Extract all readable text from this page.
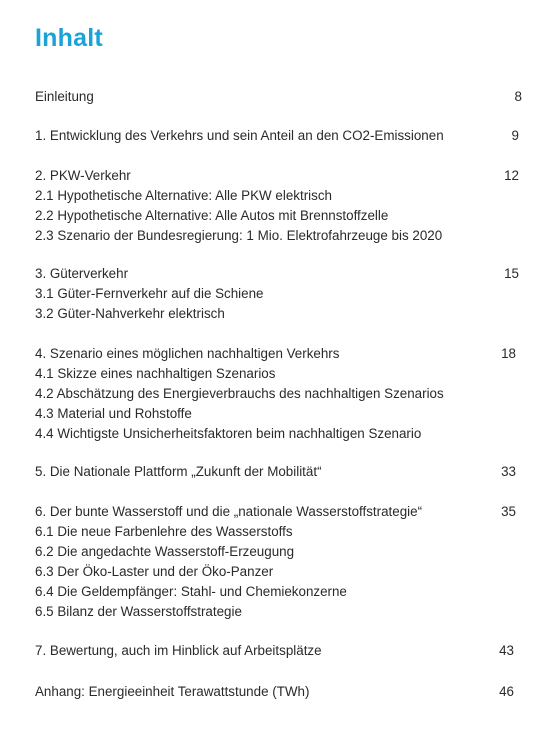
Inhalt
Einleitung	8
1. Entwicklung des Verkehrs und sein Anteil an den CO2-Emissionen	9
2. PKW-Verkehr	12
2.1 Hypothetische Alternative: Alle PKW elektrisch
2.2 Hypothetische Alternative: Alle Autos mit Brennstoffzelle
2.3 Szenario der Bundesregierung: 1 Mio. Elektrofahrzeuge bis 2020
3. Güterverkehr	15
3.1 Güter-Fernverkehr auf die Schiene
3.2 Güter-Nahverkehr elektrisch
4. Szenario eines möglichen nachhaltigen Verkehrs	18
4.1 Skizze eines nachhaltigen Szenarios
4.2 Abschätzung des Energieverbrauchs des nachhaltigen Szenarios
4.3 Material und Rohstoffe
4.4 Wichtigste Unsicherheitsfaktoren beim nachhaltigen Szenario
5. Die Nationale Plattform „Zukunft der Mobilität“	33
6. Der bunte Wasserstoff und die „nationale Wasserstoffstrategie“	35
6.1 Die neue Farbenlehre des Wasserstoffs
6.2 Die angedachte Wasserstoff-Erzeugung
6.3 Der Öko-Laster und der Öko-Panzer
6.4 Die Geldempfänger: Stahl- und Chemiekonzerne
6.5 Bilanz der Wasserstoffstrategie
7. Bewertung, auch im Hinblick auf Arbeitsplätze	43
Anhang: Energieeinheit Terawattstunde (TWh)	46
